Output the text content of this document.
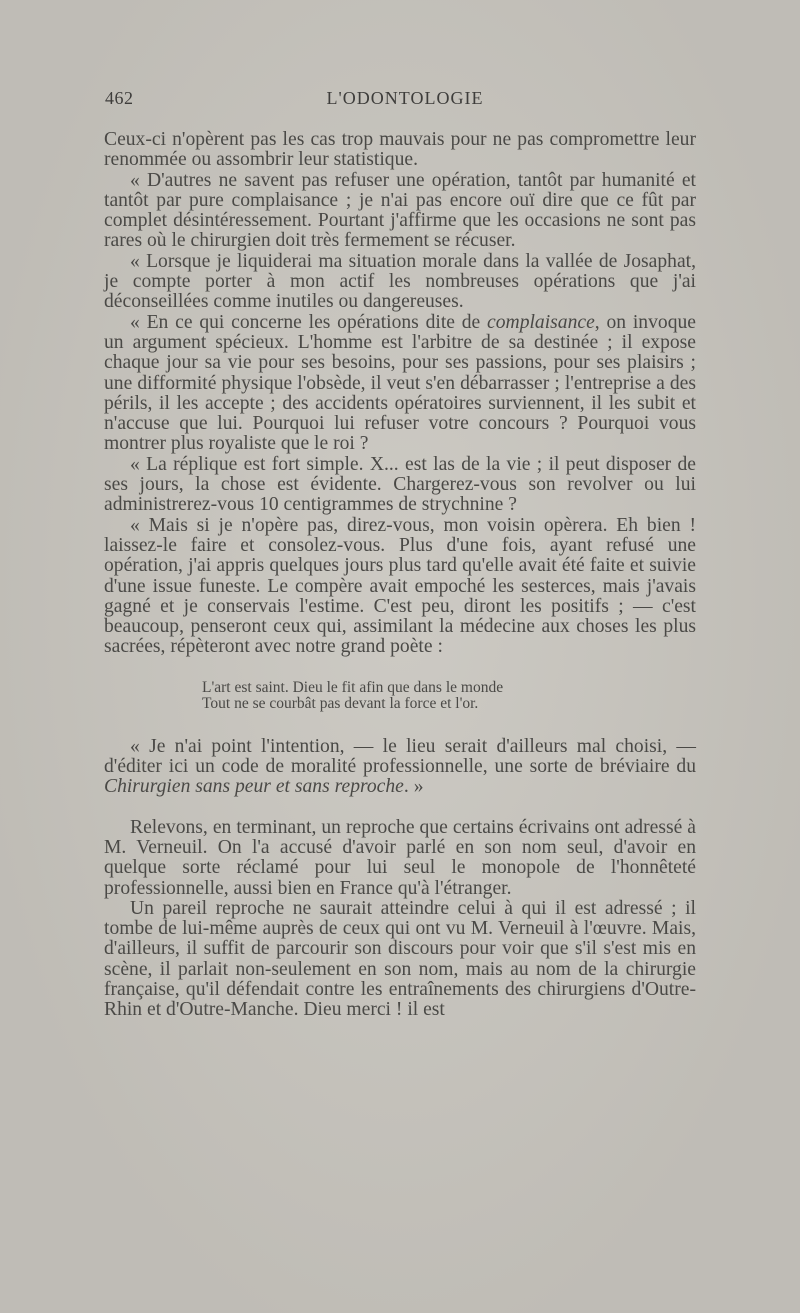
462	L'ODONTOLOGIE

Ceux-ci n'opèrent pas les cas trop mauvais pour ne pas compromettre leur renommée ou assombrir leur statistique.

« D'autres ne savent pas refuser une opération, tantôt par humanité et tantôt par pure complaisance ; je n'ai pas encore ouï dire que ce fût par complet désintéressement. Pourtant j'affirme que les occasions ne sont pas rares où le chirurgien doit très fermement se récuser.

« Lorsque je liquiderai ma situation morale dans la vallée de Josaphat, je compte porter à mon actif les nombreuses opérations que j'ai déconseillées comme inutiles ou dangereuses.

« En ce qui concerne les opérations dite de complaisance, on invoque un argument spécieux. L'homme est l'arbitre de sa destinée ; il expose chaque jour sa vie pour ses besoins, pour ses passions, pour ses plaisirs ; une difformité physique l'obsède, il veut s'en débarrasser ; l'entreprise a des périls, il les accepte ; des accidents opératoires surviennent, il les subit et n'accuse que lui. Pourquoi lui refuser votre concours ? Pourquoi vous montrer plus royaliste que le roi ?

« La réplique est fort simple. X... est las de la vie ; il peut disposer de ses jours, la chose est évidente. Chargerez-vous son revolver ou lui administrerez-vous 10 centigrammes de strychnine ?

« Mais si je n'opère pas, direz-vous, mon voisin opèrera. Eh bien ! laissez-le faire et consolez-vous. Plus d'une fois, ayant refusé une opération, j'ai appris quelques jours plus tard qu'elle avait été faite et suivie d'une issue funeste. Le compère avait empoché les sesterces, mais j'avais gagné et je conservais l'estime. C'est peu, diront les positifs ; — c'est beaucoup, penseront ceux qui, assimilant la médecine aux choses les plus sacrées, répèteront avec notre grand poète :

L'art est saint. Dieu le fit afin que dans le monde
Tout ne se courbât pas devant la force et l'or.

« Je n'ai point l'intention, — le lieu serait d'ailleurs mal choisi, — d'éditer ici un code de moralité professionnelle, une sorte de bréviaire du Chirurgien sans peur et sans reproche. »

Relevons, en terminant, un reproche que certains écrivains ont adressé à M. Verneuil. On l'a accusé d'avoir parlé en son nom seul, d'avoir en quelque sorte réclamé pour lui seul le monopole de l'honnêteté professionnelle, aussi bien en France qu'à l'étranger.

Un pareil reproche ne saurait atteindre celui à qui il est adressé ; il tombe de lui-même auprès de ceux qui ont vu M. Verneuil à l'œuvre. Mais, d'ailleurs, il suffit de parcourir son discours pour voir que s'il s'est mis en scène, il parlait non-seulement en son nom, mais au nom de la chirurgie française, qu'il défendait contre les entraînements des chirurgiens d'Outre-Rhin et d'Outre-Manche. Dieu merci ! il est
